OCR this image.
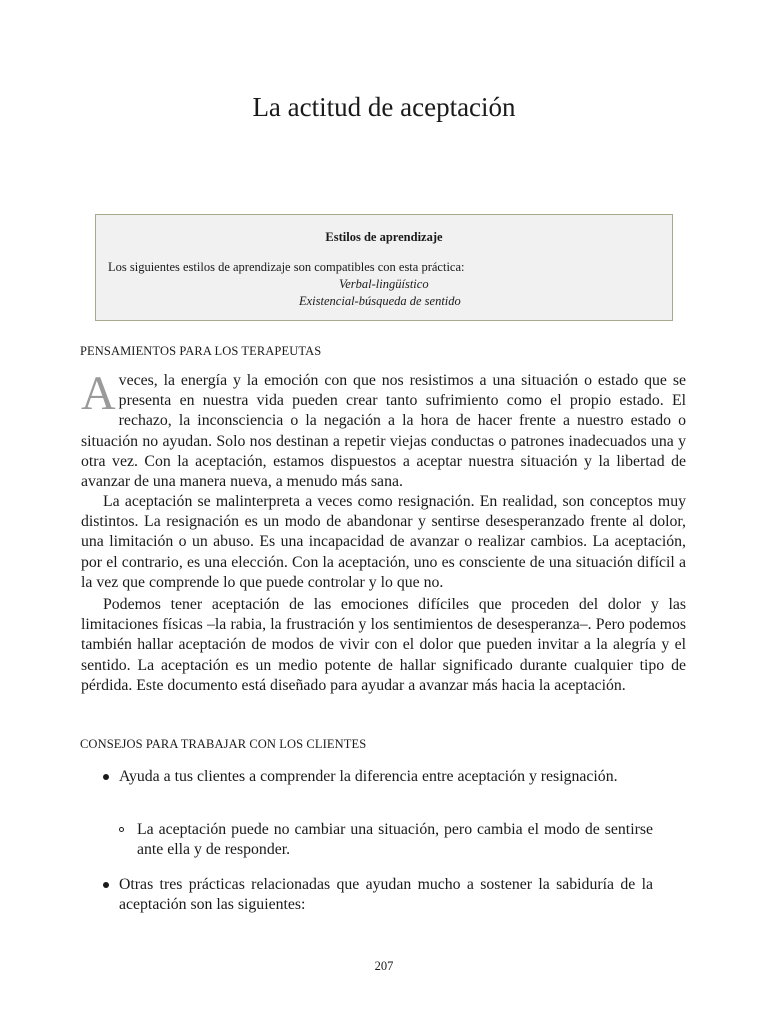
La actitud de aceptación
Estilos de aprendizaje
Los siguientes estilos de aprendizaje son compatibles con esta práctica:
Verbal-lingüístico
Existencial-búsqueda de sentido
PENSAMIENTOS PARA LOS TERAPEUTAS

Aveces, la energía y la emoción con que nos resistimos a una situación o estado que se presenta en nuestra vida pueden crear tanto sufrimiento como el propio estado. El rechazo, la inconsciencia o la negación a la hora de hacer frente a nuestro estado o situación no ayudan. Solo nos destinan a repetir viejas conductas o patrones inadecuados una y otra vez. Con la aceptación, estamos dispuestos a aceptar nuestra situación y la libertad de avanzar de una manera nueva, a menudo más sana.

La aceptación se malinterpreta a veces como resignación. En realidad, son conceptos muy distintos. La resignación es un modo de abandonar y sentirse desesperanzado frente al dolor, una limitación o un abuso. Es una incapacidad de avanzar o realizar cambios. La aceptación, por el contrario, es una elección. Con la aceptación, uno es consciente de una situación difícil a la vez que comprende lo que puede controlar y lo que no.

Podemos tener aceptación de las emociones difíciles que proceden del dolor y las limitaciones físicas –la rabia, la frustración y los sentimientos de desesperanza–. Pero podemos también hallar aceptación de modos de vivir con el dolor que pueden invitar a la alegría y el sentido. La aceptación es un medio potente de hallar significado durante cualquier tipo de pérdida. Este documento está diseñado para ayudar a avanzar más hacia la aceptación.

CONSEJOS PARA TRABAJAR CON LOS CLIENTES
Ayuda a tus clientes a comprender la diferencia entre aceptación y resignación.
La aceptación puede no cambiar una situación, pero cambia el modo de sentirse ante ella y de responder.
Otras tres prácticas relacionadas que ayudan mucho a sostener la sabiduría de la aceptación son las siguientes:
207
